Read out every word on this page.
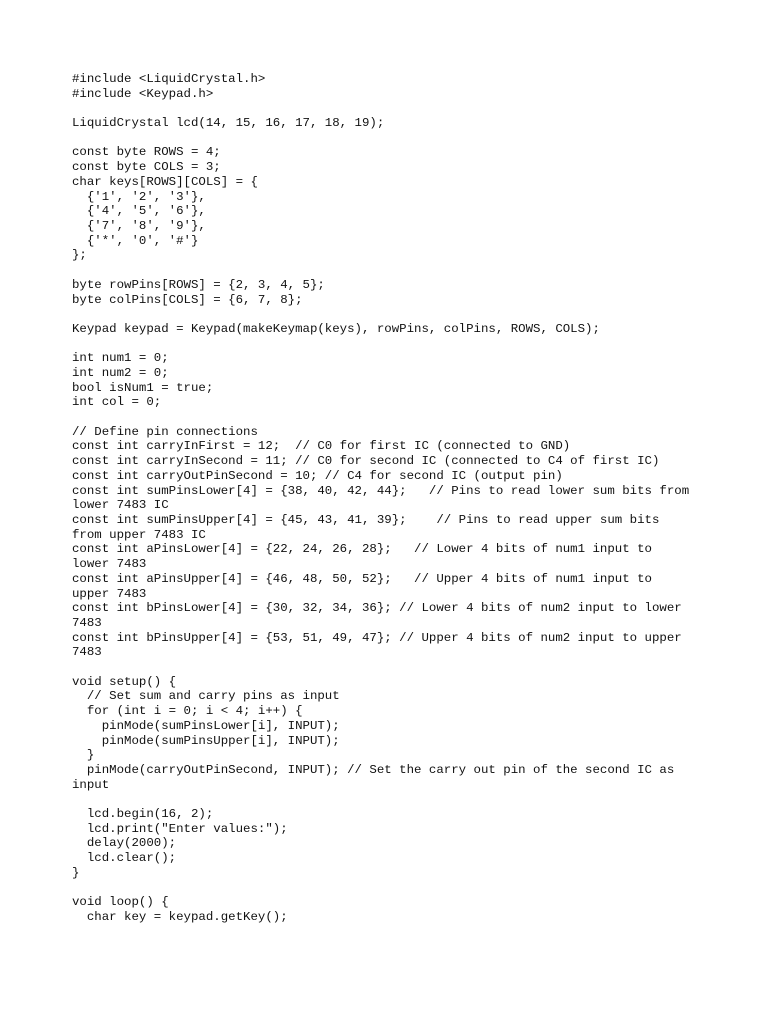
#include <LiquidCrystal.h>
#include <Keypad.h>
LiquidCrystal lcd(14, 15, 16, 17, 18, 19);
const byte ROWS = 4;
const byte COLS = 3;
char keys[ROWS][COLS] = {
{'1', '2', '3'},
{'4', '5', '6'},
{'7', '8', '9'},
{'*', '0', '#'}
};
byte rowPins[ROWS] = {2, 3, 4, 5};
byte colPins[COLS] = {6, 7, 8};
Keypad keypad = Keypad(makeKeymap(keys), rowPins, colPins, ROWS, COLS);
int num1 = 0;
int num2 = 0;
bool isNum1 = true;
int col = 0;
// Define pin connections
const int carryInFirst = 12;  // C0 for first IC (connected to GND)
const int carryInSecond = 11; // C0 for second IC (connected to C4 of first IC)
const int carryOutPinSecond = 10; // C4 for second IC (output pin)
const int sumPinsLower[4] = {38, 40, 42, 44};   // Pins to read lower sum bits from
lower 7483 IC
const int sumPinsUpper[4] = {45, 43, 41, 39};    // Pins to read upper sum bits
from upper 7483 IC
const int aPinsLower[4] = {22, 24, 26, 28};   // Lower 4 bits of num1 input to
lower 7483
const int aPinsUpper[4] = {46, 48, 50, 52};   // Upper 4 bits of num1 input to
upper 7483
const int bPinsLower[4] = {30, 32, 34, 36}; // Lower 4 bits of num2 input to lower
7483
const int bPinsUpper[4] = {53, 51, 49, 47}; // Upper 4 bits of num2 input to upper
7483
void setup() {
// Set sum and carry pins as input
for (int i = 0; i < 4; i++) {
pinMode(sumPinsLower[i], INPUT);
pinMode(sumPinsUpper[i], INPUT);
}
pinMode(carryOutPinSecond, INPUT); // Set the carry out pin of the second IC as
input
lcd.begin(16, 2);
lcd.print("Enter values:");
delay(2000);
lcd.clear();
}
void loop() {
char key = keypad.getKey();
